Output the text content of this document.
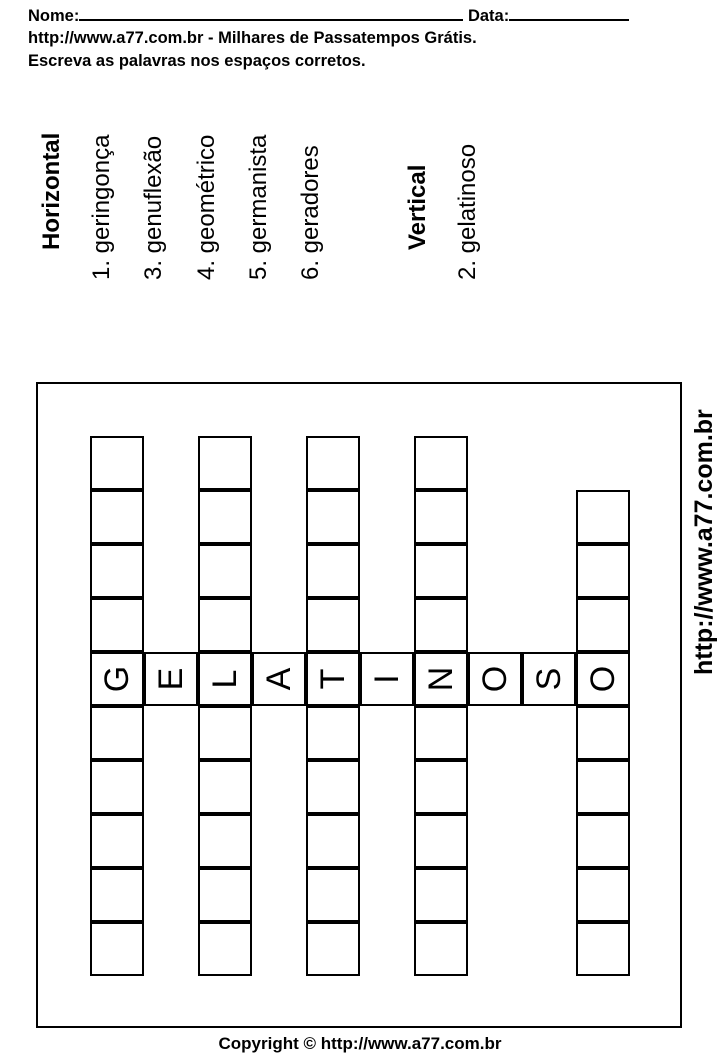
Nome:	Data:
http://www.a77.com.br - Milhares de Passatempos Grátis.
Escreva as palavras nos espaços corretos.
Horizontal 1. geringonça 3. genuflexão 4. geométrico 5. germanista 6. geradores	Vertical 2. gelatinoso
G E L A T I N O S O
http://www.a77.com.br
Copyright © http://www.a77.com.br
